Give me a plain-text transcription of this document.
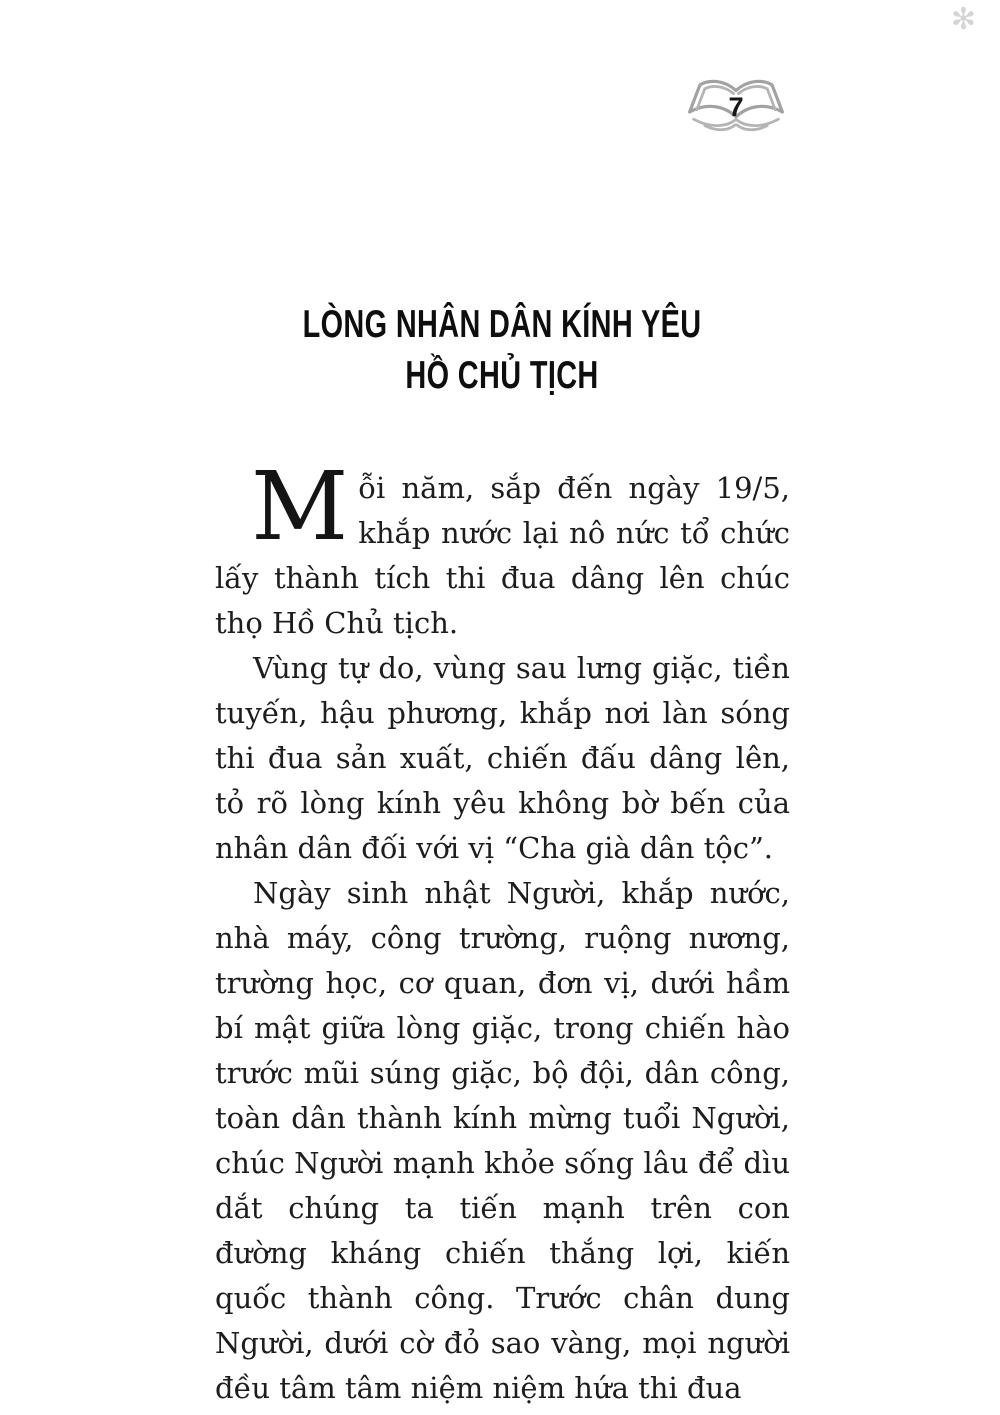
✻
7
LÒNG NHÂN DÂN KÍNH YÊU
HỒ CHỦ TỊCH

Mỗi năm, sắp đến ngày 19/5, khắp nước lại nô nức tổ chức lấy thành tích thi đua dâng lên chúc thọ Hồ Chủ tịch.

Vùng tự do, vùng sau lưng giặc, tiền tuyến, hậu phương, khắp nơi làn sóng thi đua sản xuất, chiến đấu dâng lên, tỏ rõ lòng kính yêu không bờ bến của nhân dân đối với vị “Cha già dân tộc”.

Ngày sinh nhật Người, khắp nước, nhà máy, công trường, ruộng nương, trường học, cơ quan, đơn vị, dưới hầm bí mật giữa lòng giặc, trong chiến hào trước mũi súng giặc, bộ đội, dân công, toàn dân thành kính mừng tuổi Người, chúc Người mạnh khỏe sống lâu để dìu dắt chúng ta tiến mạnh trên con đường kháng chiến thắng lợi, kiến quốc thành công. Trước chân dung Người, dưới cờ đỏ sao vàng, mọi người đều tâm tâm niệm niệm hứa thi đua
